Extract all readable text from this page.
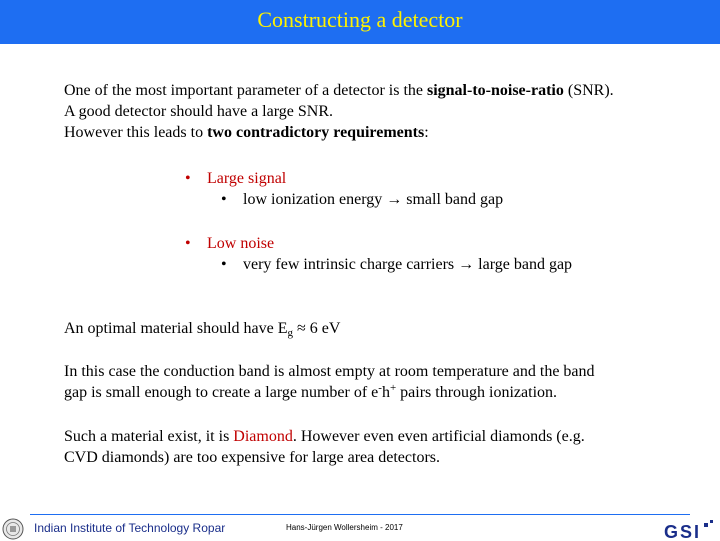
Constructing a detector
One of the most important parameter of a detector is the signal-to-noise-ratio (SNR).
A good detector should have a large SNR.
However this leads to two contradictory requirements:
• Large signal
• low ionization energy → small band gap
• Low noise
• very few intrinsic charge carriers → large band gap
An optimal material should have $E_g \approx 6$ eV
In this case the conduction band is almost empty at room temperature and the band
gap is small enough to create a large number of e-h+ pairs through ionization.
Such a material exist, it is Diamond. However even even artificial diamonds (e.g.
CVD diamonds) are too expensive for large area detectors.
Indian Institute of Technology Ropar	Hans-Jürgen Wollersheim - 2017	GSI
